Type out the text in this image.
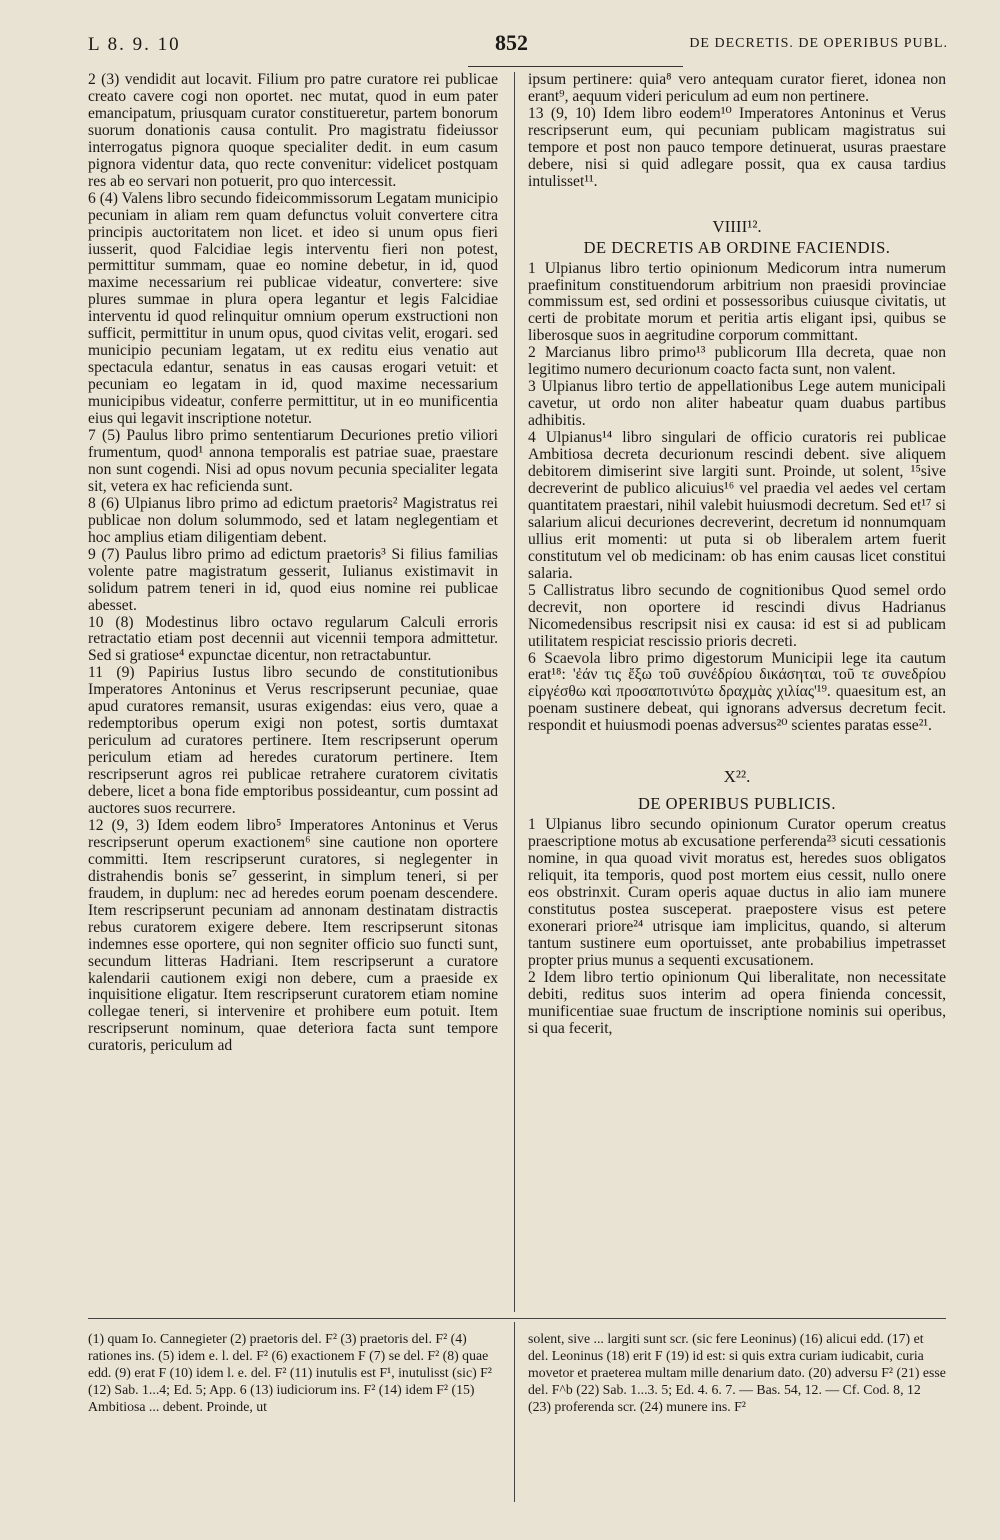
L 8. 9. 10	852	DE DECRETIS. DE OPERIBUS PUBL.

2 (3) vendidit aut locavit. Filium pro patre curatore rei publicae creato cavere cogi non oportet. nec mutat, quod in eum pater emancipatum, priusquam curator constitueretur, partem bonorum suorum donationis causa contulit. Pro magistratu fideiussor interrogatus pignora quoque specialiter dedit. in eum casum pignora videntur data, quo recte convenitur: videlicet postquam res ab eo servari non potuerit, pro quo intercessit.

6 (4) Valens libro secundo fideicommissorum Legatam municipio pecuniam in aliam rem quam defunctus voluit convertere citra principis auctoritatem non licet. et ideo si unum opus fieri iusserit, quod Falcidiae legis interventu fieri non potest, permittitur summam, quae eo nomine debetur, in id, quod maxime necessarium rei publicae videatur, convertere: sive plures summae in plura opera legantur et legis Falcidiae interventu id quod relinquitur omnium operum exstructioni non sufficit, permittitur in unum opus, quod civitas velit, erogari. sed municipio pecuniam legatam, ut ex reditu eius venatio aut spectacula edantur, senatus in eas causas erogari vetuit: et pecuniam eo legatam in id, quod maxime necessarium municipibus videatur, conferre permittitur, ut in eo munificentia eius qui legavit inscriptione notetur.

7 (5) Paulus libro primo sententiarum Decuriones pretio viliori frumentum, quod¹ annona temporalis est patriae suae, praestare non sunt cogendi. Nisi ad opus novum pecunia specialiter legata sit, vetera ex hac reficienda sunt.

8 (6) Ulpianus libro primo ad edictum praetoris² Magistratus rei publicae non dolum solummodo, sed et latam neglegentiam et hoc amplius etiam diligentiam debent.

9 (7) Paulus libro primo ad edictum praetoris³ Si filius familias volente patre magistratum gesserit, Iulianus existimavit in solidum patrem teneri in id, quod eius nomine rei publicae abesset.

10 (8) Modestinus libro octavo regularum Calculi erroris retractatio etiam post decennii aut vicennii tempora admittetur. Sed si gratiose⁴ expunctae dicentur, non retractabuntur.

11 (9) Papirius Iustus libro secundo de constitutionibus Imperatores Antoninus et Verus rescripserunt pecuniae, quae apud curatores remansit, usuras exigendas: eius vero, quae a redemptoribus operum exigi non potest, sortis dumtaxat periculum ad curatores pertinere. Item rescripserunt operum periculum etiam ad heredes curatorum pertinere. Item rescripserunt agros rei publicae retrahere curatorem civitatis debere, licet a bona fide emptoribus possideantur, cum possint ad auctores suos recurrere.

12 (9, 3) Idem eodem libro⁵ Imperatores Antoninus et Verus rescripserunt operum exactionem⁶ sine cautione non oportere committi. Item rescripserunt curatores, si neglegenter in distrahendis bonis se⁷ gesserint, in simplum teneri, si per fraudem, in duplum: nec ad heredes eorum poenam descendere. Item rescripserunt pecuniam ad annonam destinatam distractis rebus curatorem exigere debere. Item rescripserunt sitonas indemnes esse oportere, qui non segniter officio suo functi sunt, secundum litteras Hadriani. Item rescripserunt a curatore kalendarii cautionem exigi non debere, cum a praeside ex inquisitione eligatur. Item rescripserunt curatorem etiam nomine collegae teneri, si intervenire et prohibere eum potuit. Item rescripserunt nominum, quae deteriora facta sunt tempore curatoris, periculum ad

ipsum pertinere: quia⁸ vero antequam curator fieret, idonea non erant⁹, aequum videri periculum ad eum non pertinere.

13 (9, 10) Idem libro eodem¹⁰ Imperatores Antoninus et Verus rescripserunt eum, qui pecuniam publicam magistratus sui tempore et post non pauco tempore detinuerat, usuras praestare debere, nisi si quid adlegare possit, qua ex causa tardius intulisset¹¹.

VIIII¹².
DE DECRETIS AB ORDINE FACIENDIS.

1 Ulpianus libro tertio opinionum Medicorum intra numerum praefinitum constituendorum arbitrium non praesidi provinciae commissum est, sed ordini et possessoribus cuiusque civitatis, ut certi de probitate morum et peritia artis eligant ipsi, quibus se liberosque suos in aegritudine corporum committant.

2 Marcianus libro primo¹³ publicorum Illa decreta, quae non legitimo numero decurionum coacto facta sunt, non valent.

3 Ulpianus libro tertio de appellationibus Lege autem municipali cavetur, ut ordo non aliter habeatur quam duabus partibus adhibitis.

4 Ulpianus¹⁴ libro singulari de officio curatoris rei publicae Ambitiosa decreta decurionum rescindi debent. sive aliquem debitorem dimiserint sive largiti sunt. Proinde, ut solent, ¹⁵sive decreverint de publico alicuius¹⁶ vel praedia vel aedes vel certam quantitatem praestari, nihil valebit huiusmodi decretum. Sed et¹⁷ si salarium alicui decuriones decreverint, decretum id nonnumquam ullius erit momenti: ut puta si ob liberalem artem fuerit constitutum vel ob medicinam: ob has enim causas licet constitui salaria.

5 Callistratus libro secundo de cognitionibus Quod semel ordo decrevit, non oportere id rescindi divus Hadrianus Nicomedensibus rescripsit nisi ex causa: id est si ad publicam utilitatem respiciat rescissio prioris decreti.

6 Scaevola libro primo digestorum Municipii lege ita cautum erat¹⁸: 'ἐάν τις ἔξω τοῦ συνέδρίου δικάσηται, τοῦ τε συνεδρίου εἰργέσθω καὶ προσαποτινύτω δραχμὰς χιλίας'¹⁹. quaesitum est, an poenam sustinere debeat, qui ignorans adversus decretum fecit. respondit et huiusmodi poenas adversus²⁰ scientes paratas esse²¹.

X²².
DE OPERIBUS PUBLICIS.

1 Ulpianus libro secundo opinionum Curator operum creatus praescriptione motus ab excusatione perferenda²³ sicuti cessationis nomine, in qua quoad vivit moratus est, heredes suos obligatos reliquit, ita temporis, quod post mortem eius cessit, nullo onere eos obstrinxit. Curam operis aquae ductus in alio iam munere constitutus postea susceperat. praepostere visus est petere exonerari priore²⁴ utrisque iam implicitus, quando, si alterum tantum sustinere eum oportuisset, ante probabilius impetrasset propter prius munus a sequenti excusationem.

2 Idem libro tertio opinionum Qui liberalitate, non necessitate debiti, reditus suos interim ad opera finienda concessit, munificentiae suae fructum de inscriptione nominis sui operibus, si qua fecerit,

(1) quam Io. Cannegieter (2) praetoris del. F² (3) praetoris del. F² (4) rationes ins. (5) idem e. l. del. F² (6) exactionem F (7) se del. F² (8) quae edd. (9) erat F (10) idem l. e. del. F² (11) inutulis est F¹, inutulisst (sic) F² (12) Sab. 1...4; Ed. 5; App. 6 (13) iudiciorum ins. F² (14) idem F² (15) Ambitiosa ... debent. Proinde, ut
solent, sive ... largiti sunt scr. (sic fere Leoninus) (16) alicui edd. (17) et del. Leoninus (18) erit F (19) id est: si quis extra curiam iudicabit, curia movetor et praeterea multam mille denarium dato. (20) adversu F² (21) esse del. F^b (22) Sab. 1...3. 5; Ed. 4. 6. 7. — Bas. 54, 12. — Cf. Cod. 8, 12 (23) proferenda scr. (24) munere ins. F²
